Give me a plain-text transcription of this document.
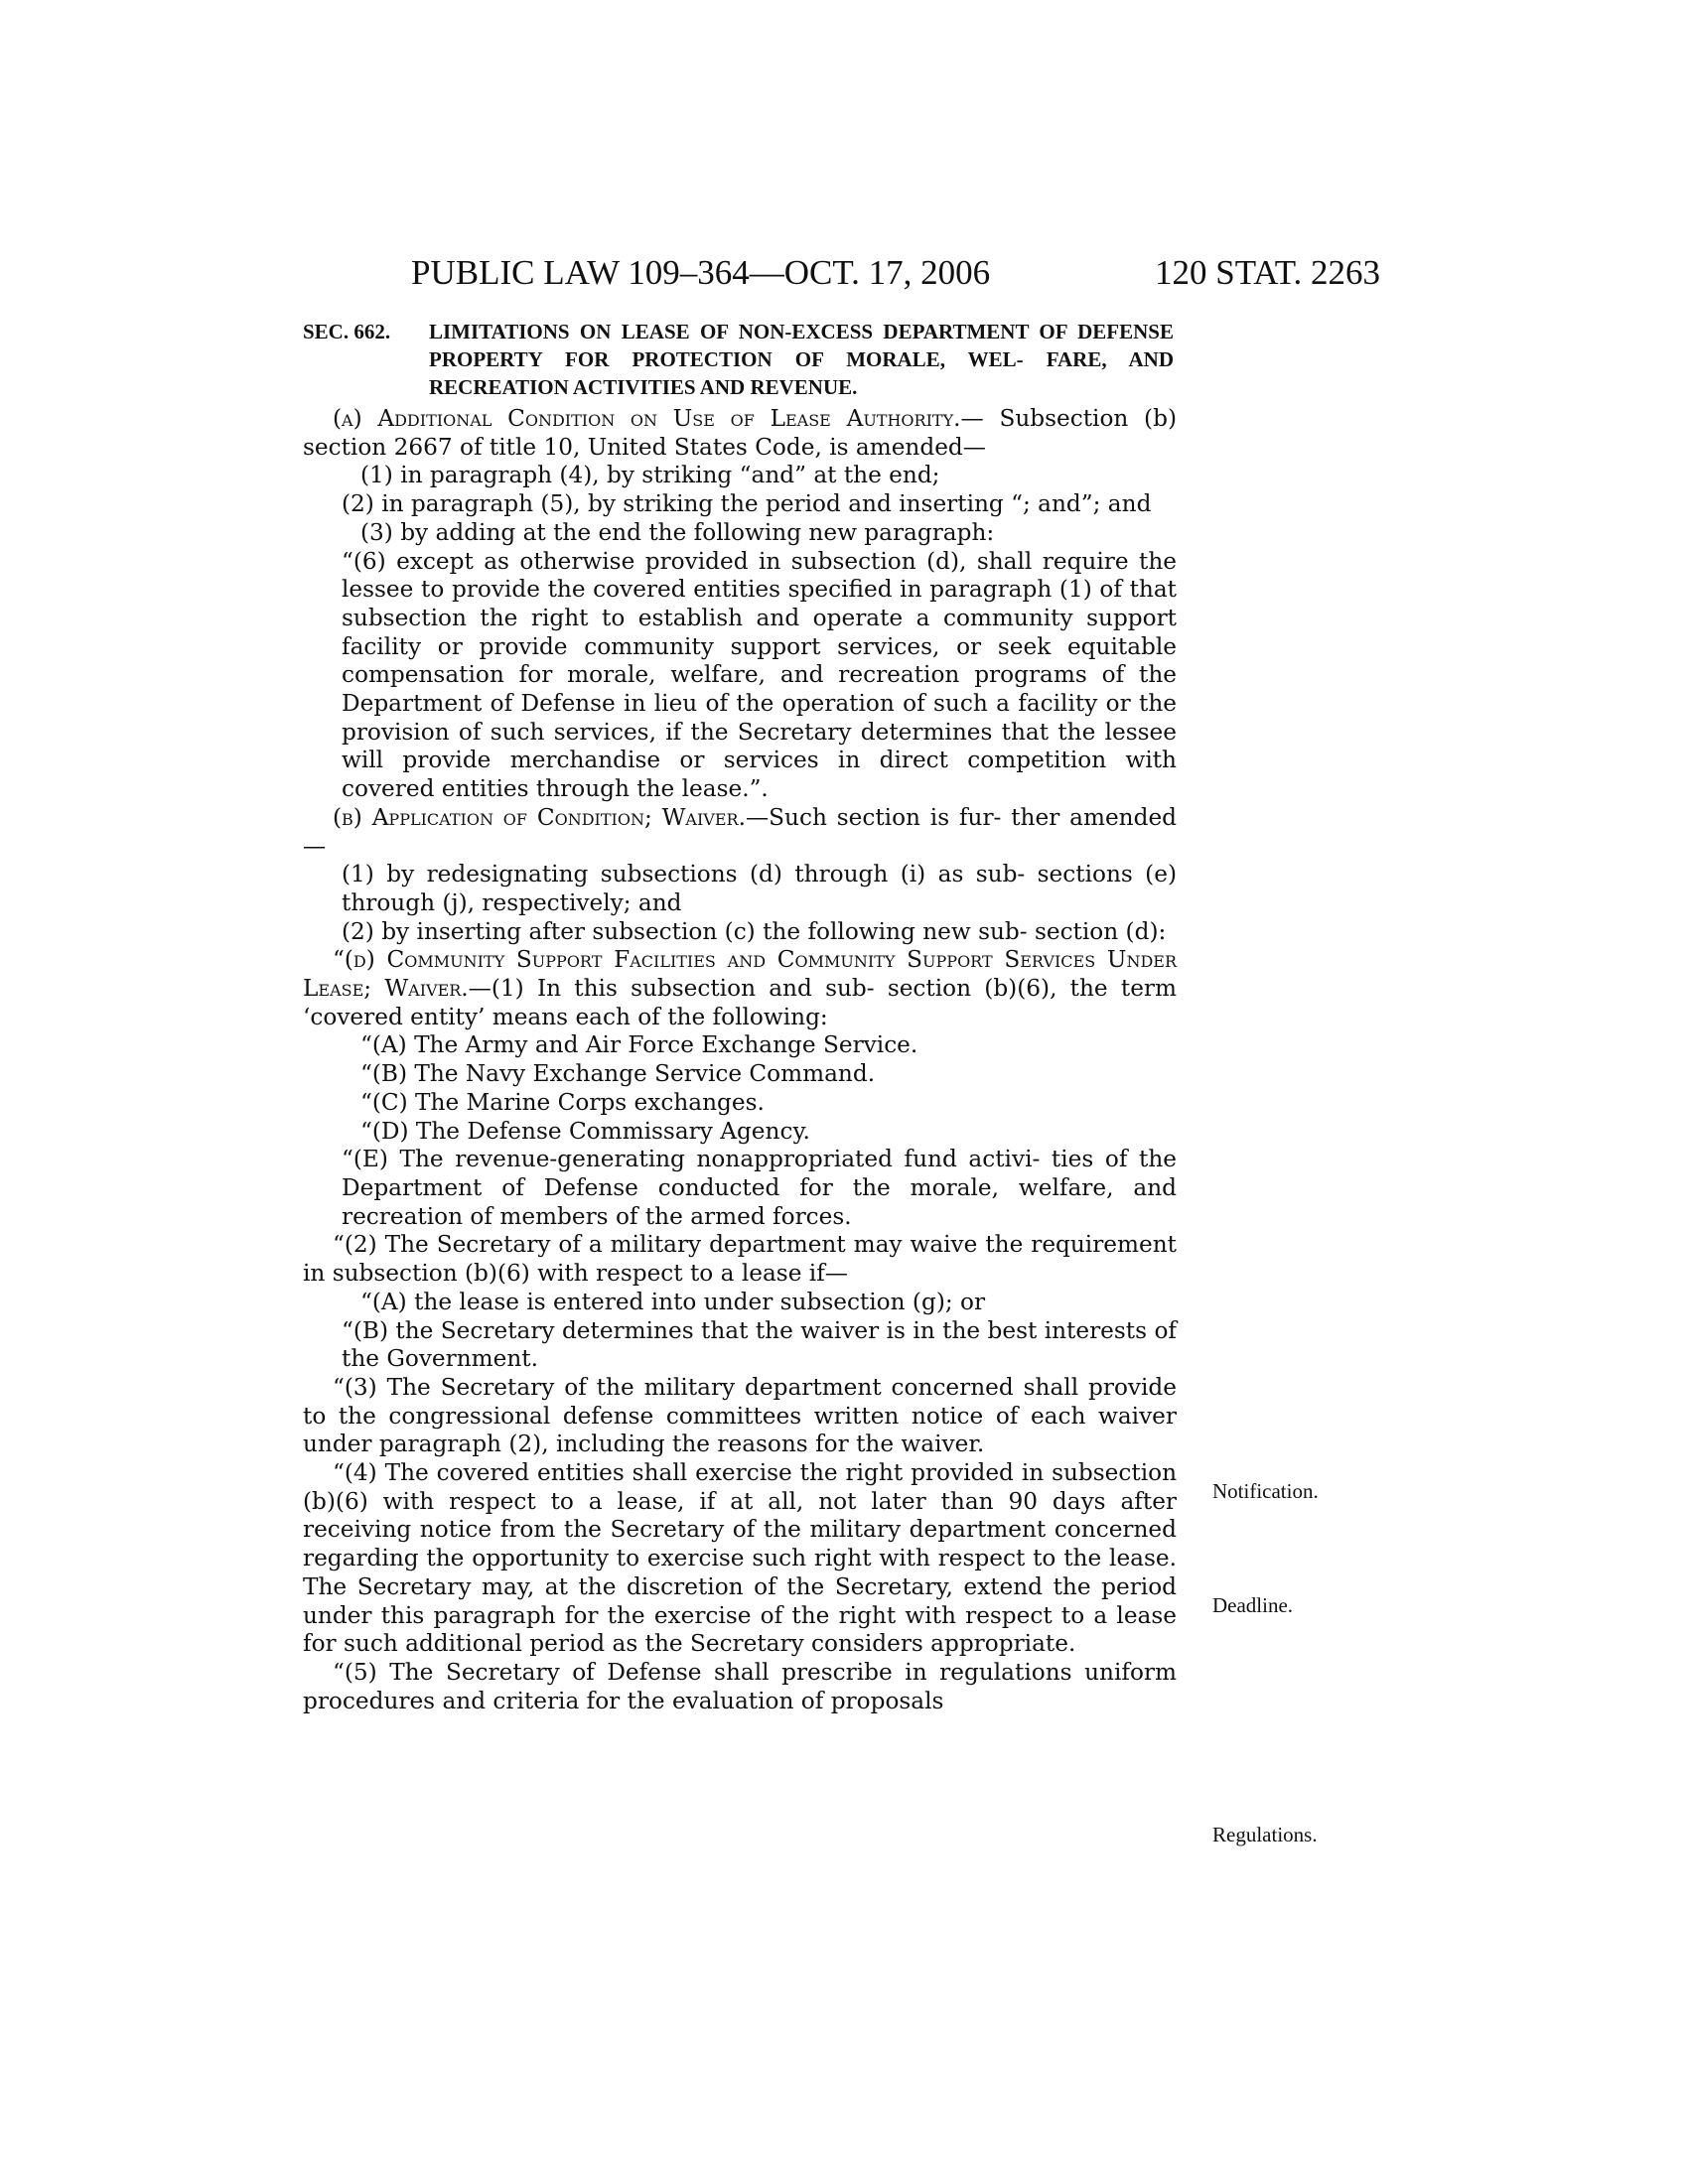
PUBLIC LAW 109–364—OCT. 17, 2006	120 STAT. 2263
SEC. 662. LIMITATIONS ON LEASE OF NON-EXCESS DEPARTMENT OF DEFENSE PROPERTY FOR PROTECTION OF MORALE, WEL- FARE, AND RECREATION ACTIVITIES AND REVENUE.

(a) Additional Condition on Use of Lease Authority.— Subsection (b) section 2667 of title 10, United States Code, is amended—

(1) in paragraph (4), by striking “and” at the end;

(2) in paragraph (5), by striking the period and inserting “; and”; and

(3) by adding at the end the following new paragraph:

“(6) except as otherwise provided in subsection (d), shall require the lessee to provide the covered entities specified in paragraph (1) of that subsection the right to establish and operate a community support facility or provide community support services, or seek equitable compensation for morale, welfare, and recreation programs of the Department of Defense in lieu of the operation of such a facility or the provision of such services, if the Secretary determines that the lessee will provide merchandise or services in direct competition with covered entities through the lease.”.

(b) Application of Condition; Waiver.—Such section is fur- ther amended—

(1) by redesignating subsections (d) through (i) as sub- sections (e) through (j), respectively; and

(2) by inserting after subsection (c) the following new sub- section (d):

“(d) Community Support Facilities and Community Support Services Under Lease; Waiver.—(1) In this subsection and sub- section (b)(6), the term ‘covered entity’ means each of the following:

“(A) The Army and Air Force Exchange Service.

“(B) The Navy Exchange Service Command.

“(C) The Marine Corps exchanges.

“(D) The Defense Commissary Agency.

“(E) The revenue-generating nonappropriated fund activi- ties of the Department of Defense conducted for the morale, welfare, and recreation of members of the armed forces.

“(2) The Secretary of a military department may waive the requirement in subsection (b)(6) with respect to a lease if—

“(A) the lease is entered into under subsection (g); or

“(B) the Secretary determines that the waiver is in the best interests of the Government.

“(3) The Secretary of the military department concerned shall provide to the congressional defense committees written notice of each waiver under paragraph (2), including the reasons for the waiver.

“(4) The covered entities shall exercise the right provided in subsection (b)(6) with respect to a lease, if at all, not later than 90 days after receiving notice from the Secretary of the military department concerned regarding the opportunity to exercise such right with respect to the lease. The Secretary may, at the discretion of the Secretary, extend the period under this paragraph for the exercise of the right with respect to a lease for such additional period as the Secretary considers appropriate.

“(5) The Secretary of Defense shall prescribe in regulations uniform procedures and criteria for the evaluation of proposals

Notification.
Deadline.
Regulations.
